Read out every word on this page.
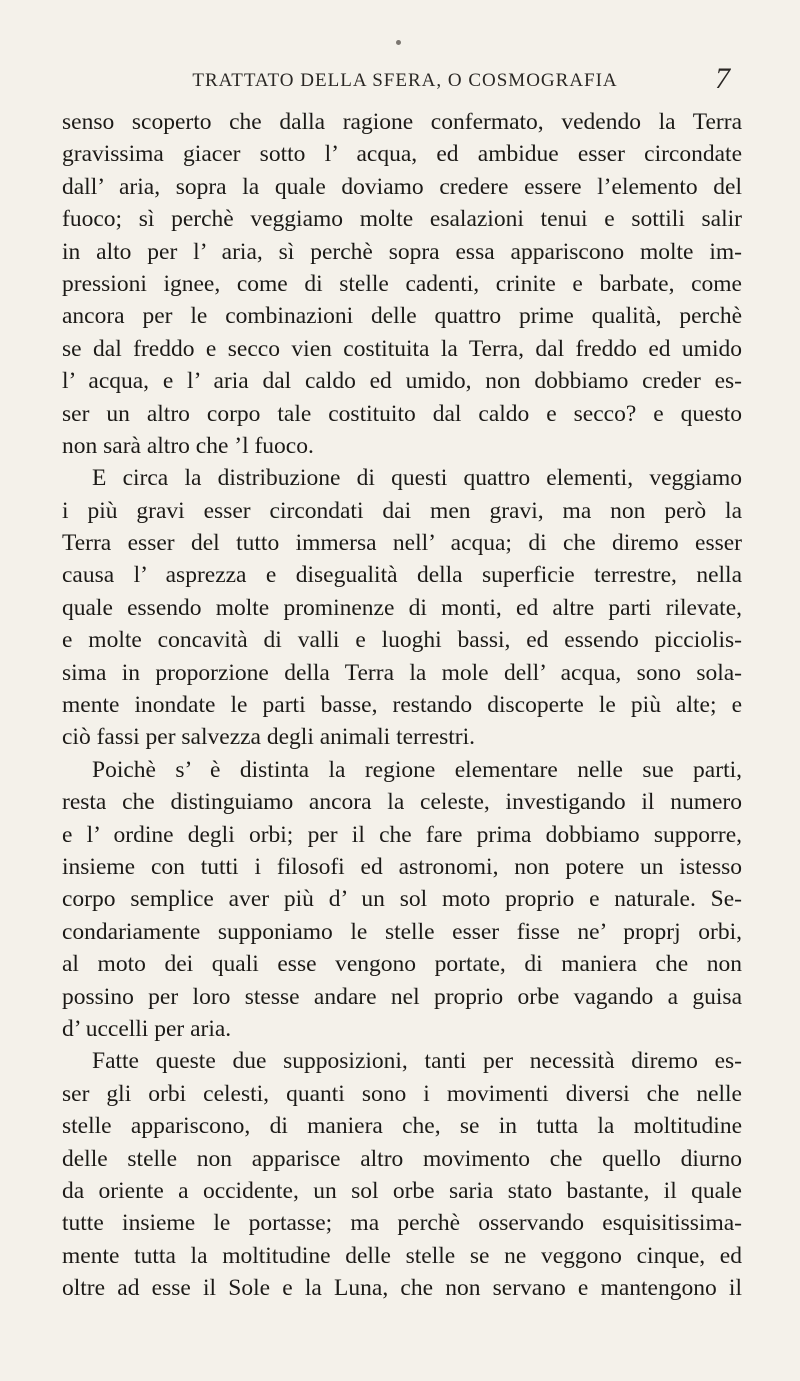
TRATTATO DELLA SFERA, O COSMOGRAFIA	7
senso scoperto che dalla ragione confermato, vedendo la Terra
gravissima giacer sotto l’ acqua, ed ambidue esser circondate
dall’ aria, sopra la quale doviamo credere essere l’elemento del
fuoco; sì perchè veggiamo molte esalazioni tenui e sottili salir
in alto per l’ aria, sì perchè sopra essa appariscono molte im-
pressioni ignee, come di stelle cadenti, crinite e barbate, come
ancora per le combinazioni delle quattro prime qualità, perchè
se dal freddo e secco vien costituita la Terra, dal freddo ed umido
l’ acqua, e l’ aria dal caldo ed umido, non dobbiamo creder es-
ser un altro corpo tale costituito dal caldo e secco? e questo
non sarà altro che ’l fuoco.
E circa la distribuzione di questi quattro elementi, veggiamo
i più gravi esser circondati dai men gravi, ma non però la
Terra esser del tutto immersa nell’ acqua; di che diremo esser
causa l’ asprezza e disegualità della superficie terrestre, nella
quale essendo molte prominenze di monti, ed altre parti rilevate,
e molte concavità di valli e luoghi bassi, ed essendo picciolis-
sima in proporzione della Terra la mole dell’ acqua, sono sola-
mente inondate le parti basse, restando discoperte le più alte; e
ciò fassi per salvezza degli animali terrestri.
Poichè s’ è distinta la regione elementare nelle sue parti,
resta che distinguiamo ancora la celeste, investigando il numero
e l’ ordine degli orbi; per il che fare prima dobbiamo supporre,
insieme con tutti i filosofi ed astronomi, non potere un istesso
corpo semplice aver più d’ un sol moto proprio e naturale. Se-
condariamente supponiamo le stelle esser fisse ne’ proprj orbi,
al moto dei quali esse vengono portate, di maniera che non
possino per loro stesse andare nel proprio orbe vagando a guisa
d’ uccelli per aria.
Fatte queste due supposizioni, tanti per necessità diremo es-
ser gli orbi celesti, quanti sono i movimenti diversi che nelle
stelle appariscono, di maniera che, se in tutta la moltitudine
delle stelle non apparisce altro movimento che quello diurno
da oriente a occidente, un sol orbe saria stato bastante, il quale
tutte insieme le portasse; ma perchè osservando esquisitissima-
mente tutta la moltitudine delle stelle se ne veggono cinque, ed
oltre ad esse il Sole e la Luna, che non servano e mantengono il
